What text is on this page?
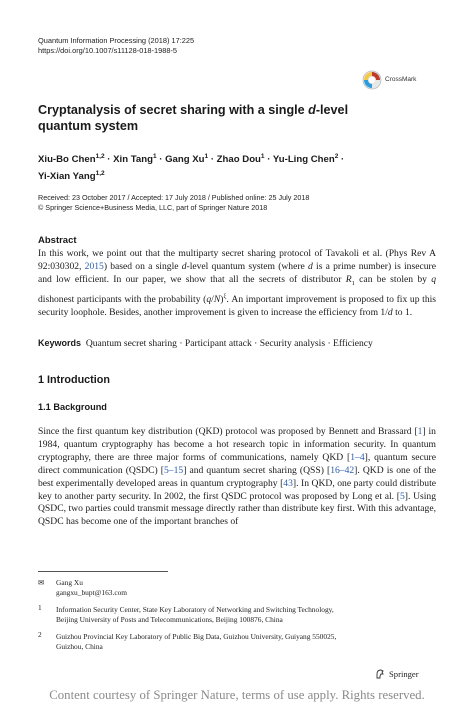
Quantum Information Processing (2018) 17:225
https://doi.org/10.1007/s11128-018-1988-5
CrossMark
Cryptanalysis of secret sharing with a single d-level
quantum system
Xiu-Bo Chen$^{1,2}$ · Xin Tang$^1$ · Gang $Xu^1$ · Zhao Dou$^1$ · Yu-Ling Chen$^2$ ·
Yi-Xian Yang$^{1,2}$
Received: 23 October 2017 / Accepted: 17 July 2018 / Published online: 25 July 2018
© Springer Science+Business Media, LLC, part of Springer Nature 2018
Abstract
In this work, we point out that the multiparty secret sharing protocol of Tavakoli et al. (Phys Rev A 92:030302, 2015) based on a single d-level quantum system (where d is a prime number) is insecure and low efficient. In our paper, we show that all the secrets of distributor $R_1$ can be stolen by q dishonest participants with the probability $(q/N)^\xi$. An important improvement is proposed to fix up this security loophole. Besides, another improvement is given to increase the efficiency from 1/d to 1.
Keywords Quantum secret sharing · Participant attack · Security analysis · Efficiency
1 Introduction
1.1 Background
Since the first quantum key distribution (QKD) protocol was proposed by Bennett and Brassard [1] in 1984, quantum cryptography has become a hot research topic in information security. In quantum cryptography, there are three major forms of communications, namely QKD [1–4], quantum secure direct communication (QSDC) [5–15] and quantum secret sharing (QSS) [16–42]. QKD is one of the best experimentally developed areas in quantum cryptography [43]. In QKD, one party could distribute key to another party security. In 2002, the first QSDC protocol was proposed by Long et al. [5]. Using QSDC, two parties could transmit message directly rather than distribute key first. With this advantage, QSDC has become one of the important branches of
✉ Gang Xu
gangxu_bupt@163.com
1 Information Security Center, State Key Laboratory of Networking and Switching Technology,
Beijing University of Posts and Telecommunications, Beijing 100876, China
2 Guizhou Provincial Key Laboratory of Public Big Data, Guizhou University, Guiyang 550025,
Guizhou, China
Springer
Content courtesy of Springer Nature, terms of use apply. Rights reserved.
